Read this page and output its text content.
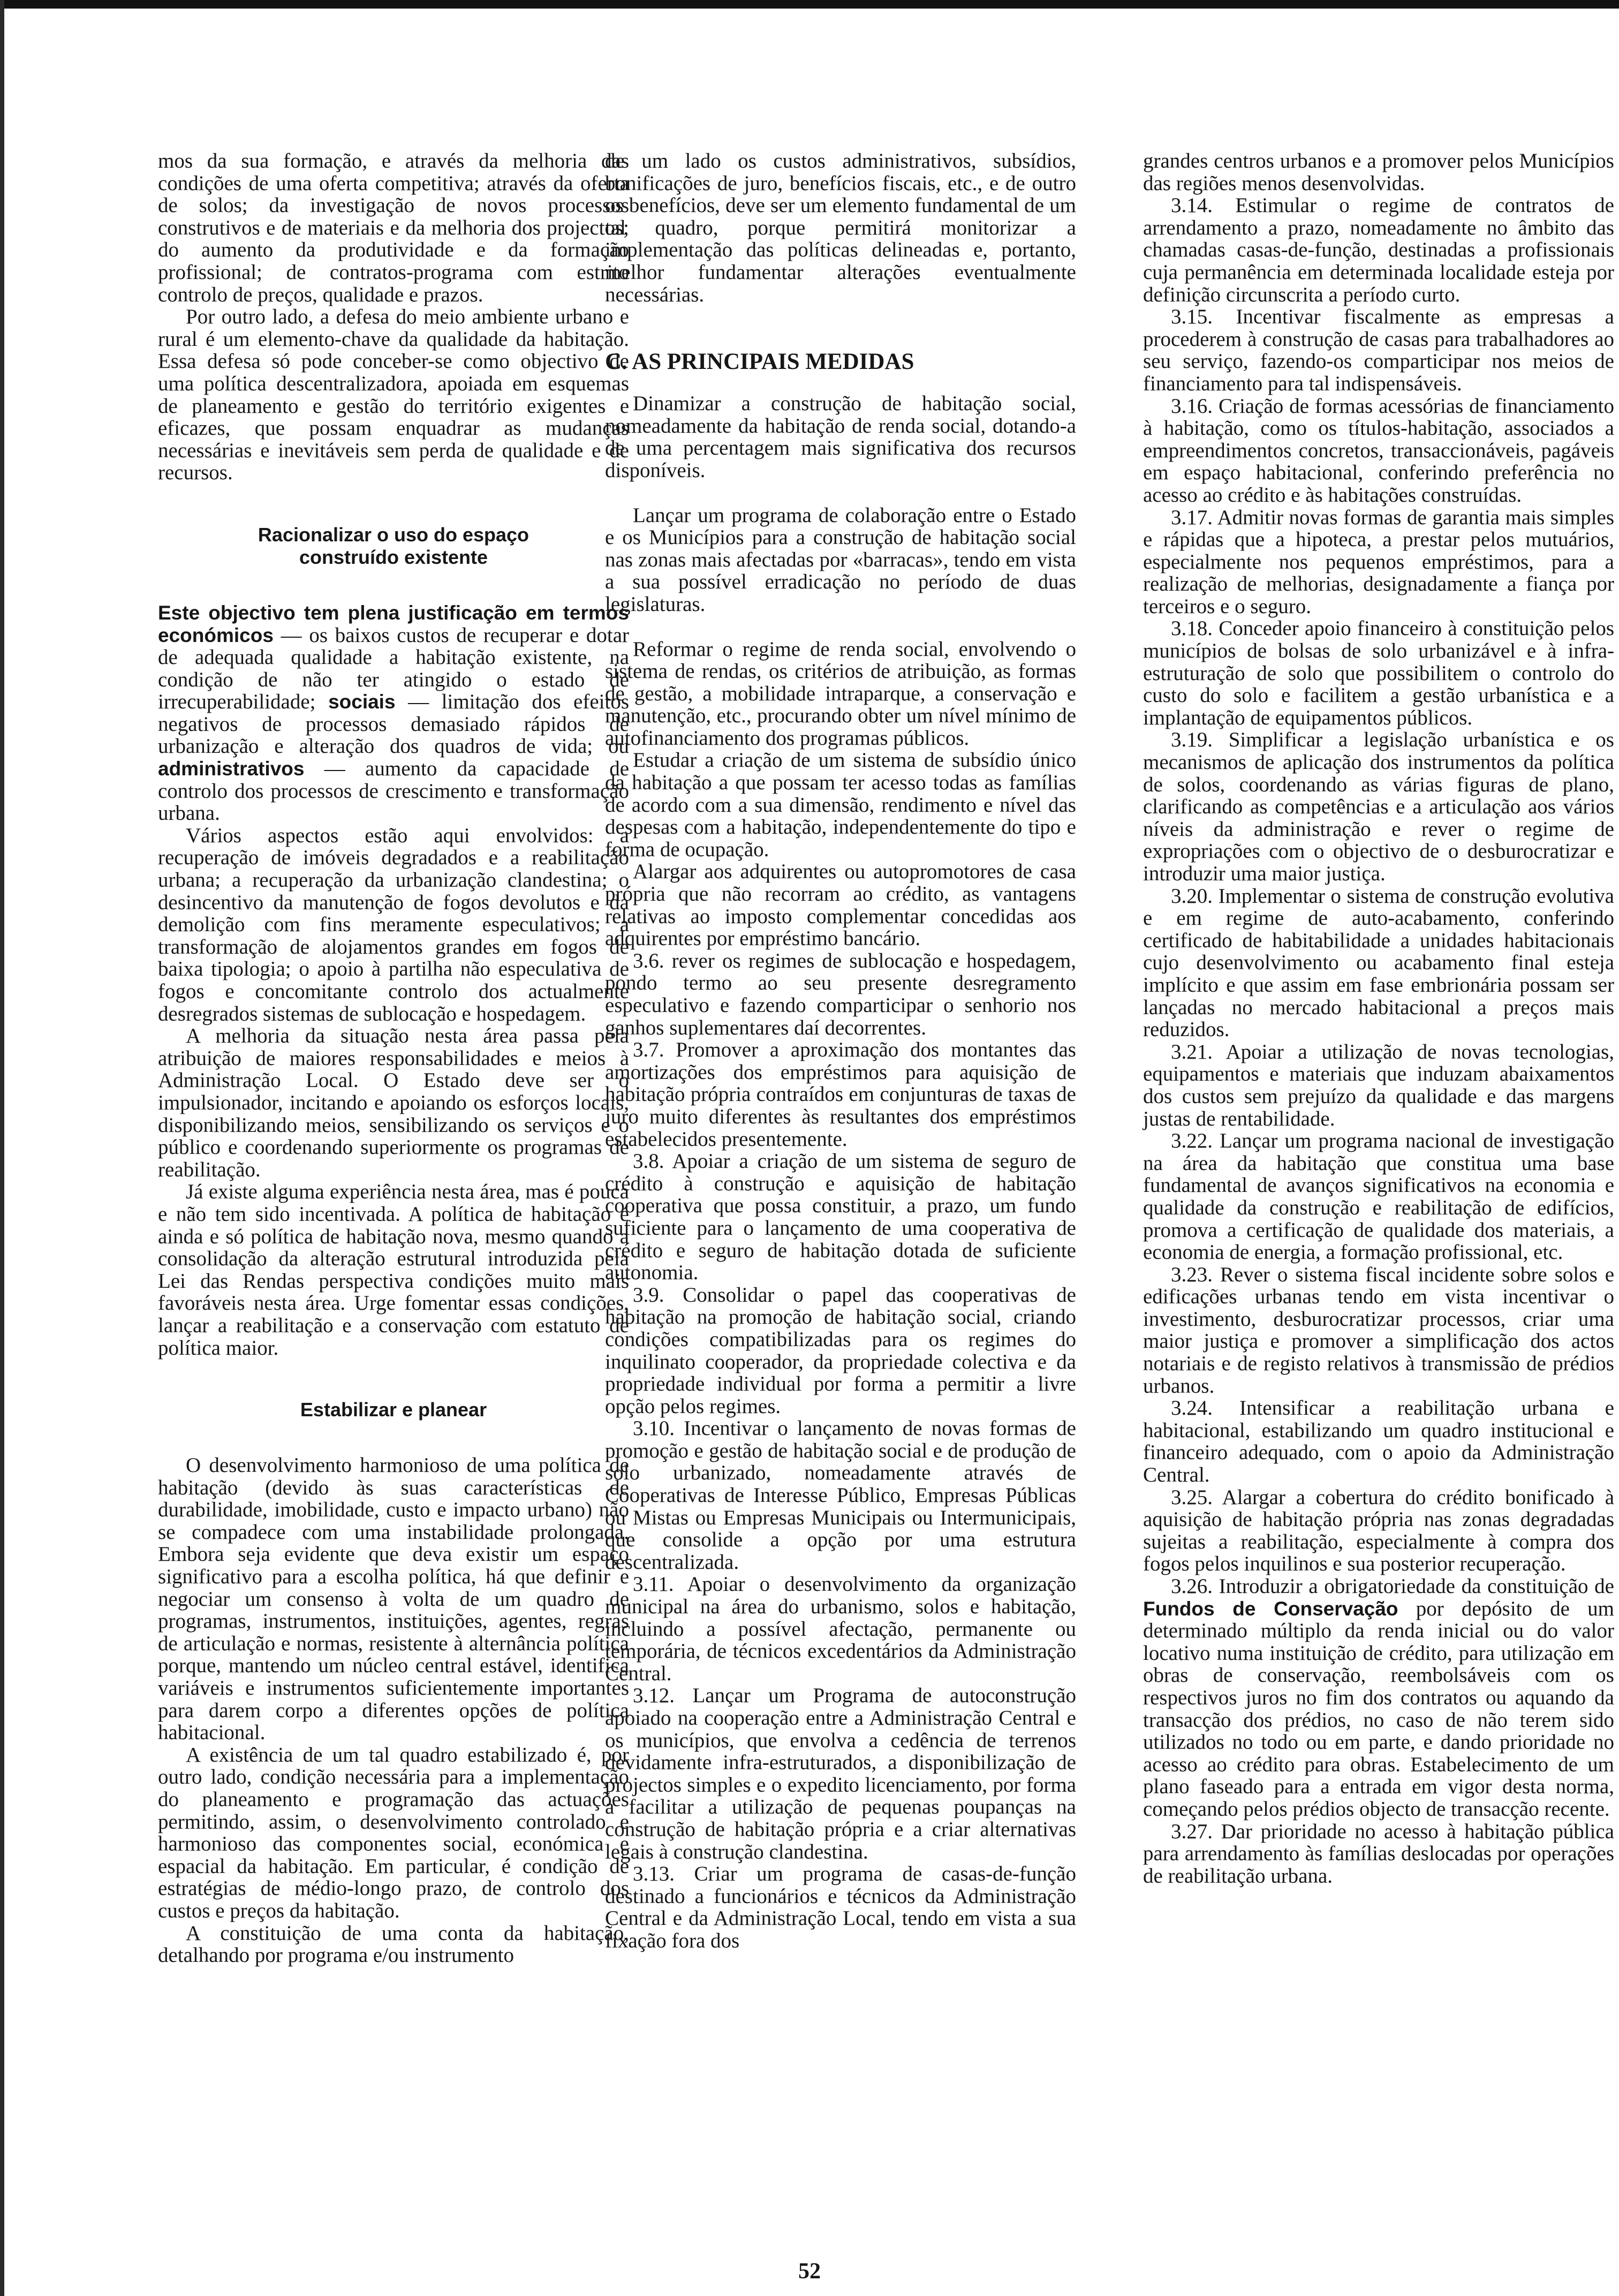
mos da sua formação, e através da melhoria das condições de uma oferta competitiva; através da oferta de solos; da investigação de novos processos construtivos e de materiais e da melhoria dos projectos; do aumento da produtividade e da formação profissional; de contratos-programa com estrito controlo de preços, qualidade e prazos.

Por outro lado, a defesa do meio ambiente urbano e rural é um elemento-chave da qualidade da habitação. Essa defesa só pode conceber-se como objectivo de uma política descentralizadora, apoiada em esquemas de planeamento e gestão do território exigentes e eficazes, que possam enquadrar as mudanças necessárias e inevitáveis sem perda de qualidade e de recursos.

Racionalizar o uso do espaço
construído existente

Este objectivo tem plena justificação em termos económicos — os baixos custos de recuperar e dotar de adequada qualidade a habitação existente, na condição de não ter atingido o estado de irrecuperabilidade; sociais — limitação dos efeitos negativos de processos demasiado rápidos de urbanização e alteração dos quadros de vida; ou administrativos — aumento da capacidade de controlo dos processos de crescimento e transformação urbana.

Vários aspectos estão aqui envolvidos: a recuperação de imóveis degradados e a reabilitação urbana; a recuperação da urbanização clandestina; o desincentivo da manutenção de fogos devolutos e da demolição com fins meramente especulativos; a transformação de alojamentos grandes em fogos de baixa tipologia; o apoio à partilha não especulativa de fogos e concomitante controlo dos actualmente desregrados sistemas de sublocação e hospedagem.

A melhoria da situação nesta área passa pela atribuição de maiores responsabilidades e meios à Administração Local. O Estado deve ser o impulsionador, incitando e apoiando os esforços locais, disponibilizando meios, sensibilizando os serviços e o público e coordenando superiormente os programas de reabilitação.

Já existe alguma experiência nesta área, mas é pouca e não tem sido incentivada. A política de habitação é ainda e só política de habitação nova, mesmo quando a consolidação da alteração estrutural introduzida pela Lei das Rendas perspectiva condições muito mais favoráveis nesta área. Urge fomentar essas condições, lançar a reabilitação e a conservação com estatuto de política maior.

Estabilizar e planear

O desenvolvimento harmonioso de uma política de habitação (devido às suas características de durabilidade, imobilidade, custo e impacto urbano) não se compadece com uma instabilidade prolongada. Embora seja evidente que deva existir um espaço significativo para a escolha política, há que definir e negociar um consenso à volta de um quadro de programas, instrumentos, instituições, agentes, regras de articulação e normas, resistente à alternância política porque, mantendo um núcleo central estável, identifica variáveis e instrumentos suficientemente importantes para darem corpo a diferentes opções de política habitacional.

A existência de um tal quadro estabilizado é, por outro lado, condição necessária para a implementação do planeamento e programação das actuações permitindo, assim, o desenvolvimento controlado e harmonioso das componentes social, económica e espacial da habitação. Em particular, é condição de estratégias de médio-longo prazo, de controlo dos custos e preços da habitação.

A constituição de uma conta da habitação, detalhando por programa e/ou instrumento

de um lado os custos administrativos, subsídios, bonificações de juro, benefícios fiscais, etc., e de outro os benefícios, deve ser um elemento fundamental de um tal quadro, porque permitirá monitorizar a implementação das políticas delineadas e, portanto, melhor fundamentar alterações eventualmente necessárias.

C. AS PRINCIPAIS MEDIDAS

Dinamizar a construção de habitação social, nomeadamente da habitação de renda social, dotando-a de uma percentagem mais significativa dos recursos disponíveis.

Lançar um programa de colaboração entre o Estado e os Municípios para a construção de habitação social nas zonas mais afectadas por «barracas», tendo em vista a sua possível erradicação no período de duas legislaturas.

Reformar o regime de renda social, envolvendo o sistema de rendas, os critérios de atribuição, as formas de gestão, a mobilidade intraparque, a conservação e manutenção, etc., procurando obter um nível mínimo de autofinanciamento dos programas públicos.

Estudar a criação de um sistema de subsídio único da habitação a que possam ter acesso todas as famílias de acordo com a sua dimensão, rendimento e nível das despesas com a habitação, independentemente do tipo e forma de ocupação.

Alargar aos adquirentes ou autopromotores de casa própria que não recorram ao crédito, as vantagens relativas ao imposto complementar concedidas aos adquirentes por empréstimo bancário.

3.6. rever os regimes de sublocação e hospedagem, pondo termo ao seu presente desregramento especulativo e fazendo comparticipar o senhorio nos ganhos suplementares daí decorrentes.

3.7. Promover a aproximação dos montantes das amortizações dos empréstimos para aquisição de habitação própria contraídos em conjunturas de taxas de juro muito diferentes às resultantes dos empréstimos estabelecidos presentemente.

3.8. Apoiar a criação de um sistema de seguro de crédito à construção e aquisição de habitação cooperativa que possa constituir, a prazo, um fundo suficiente para o lançamento de uma cooperativa de crédito e seguro de habitação dotada de suficiente autonomia.

3.9. Consolidar o papel das cooperativas de habitação na promoção de habitação social, criando condições compatibilizadas para os regimes do inquilinato cooperador, da propriedade colectiva e da propriedade individual por forma a permitir a livre opção pelos regimes.

3.10. Incentivar o lançamento de novas formas de promoção e gestão de habitação social e de produção de solo urbanizado, nomeadamente através de Cooperativas de Interesse Público, Empresas Públicas ou Mistas ou Empresas Municipais ou Intermunicipais, que consolide a opção por uma estrutura descentralizada.

3.11. Apoiar o desenvolvimento da organização municipal na área do urbanismo, solos e habitação, incluindo a possível afectação, permanente ou temporária, de técnicos excedentários da Administração Central.

3.12. Lançar um Programa de autoconstrução apoiado na cooperação entre a Administração Central e os municípios, que envolva a cedência de terrenos devidamente infra-estruturados, a disponibilização de projectos simples e o expedito licenciamento, por forma a facilitar a utilização de pequenas poupanças na construção de habitação própria e a criar alternativas legais à construção clandestina.

3.13. Criar um programa de casas-de-função destinado a funcionários e técnicos da Administração Central e da Administração Local, tendo em vista a sua fixação fora dos

grandes centros urbanos e a promover pelos Municípios das regiões menos desenvolvidas.

3.14. Estimular o regime de contratos de arrendamento a prazo, nomeadamente no âmbito das chamadas casas-de-função, destinadas a profissionais cuja permanência em determinada localidade esteja por definição circunscrita a período curto.

3.15. Incentivar fiscalmente as empresas a procederem à construção de casas para trabalhadores ao seu serviço, fazendo-os comparticipar nos meios de financiamento para tal indispensáveis.

3.16. Criação de formas acessórias de financiamento à habitação, como os títulos-habitação, associados a empreendimentos concretos, transaccionáveis, pagáveis em espaço habitacional, conferindo preferência no acesso ao crédito e às habitações construídas.

3.17. Admitir novas formas de garantia mais simples e rápidas que a hipoteca, a prestar pelos mutuários, especialmente nos pequenos empréstimos, para a realização de melhorias, designadamente a fiança por terceiros e o seguro.

3.18. Conceder apoio financeiro à constituição pelos municípios de bolsas de solo urbanizável e à infra-estruturação de solo que possibilitem o controlo do custo do solo e facilitem a gestão urbanística e a implantação de equipamentos públicos.

3.19. Simplificar a legislação urbanística e os mecanismos de aplicação dos instrumentos da política de solos, coordenando as várias figuras de plano, clarificando as competências e a articulação aos vários níveis da administração e rever o regime de expropriações com o objectivo de o desburocratizar e introduzir uma maior justiça.

3.20. Implementar o sistema de construção evolutiva e em regime de auto-acabamento, conferindo certificado de habitabilidade a unidades habitacionais cujo desenvolvimento ou acabamento final esteja implícito e que assim em fase embrionária possam ser lançadas no mercado habitacional a preços mais reduzidos.

3.21. Apoiar a utilização de novas tecnologias, equipamentos e materiais que induzam abaixamentos dos custos sem prejuízo da qualidade e das margens justas de rentabilidade.

3.22. Lançar um programa nacional de investigação na área da habitação que constitua uma base fundamental de avanços significativos na economia e qualidade da construção e reabilitação de edifícios, promova a certificação de qualidade dos materiais, a economia de energia, a formação profissional, etc.

3.23. Rever o sistema fiscal incidente sobre solos e edificações urbanas tendo em vista incentivar o investimento, desburocratizar processos, criar uma maior justiça e promover a simplificação dos actos notariais e de registo relativos à transmissão de prédios urbanos.

3.24. Intensificar a reabilitação urbana e habitacional, estabilizando um quadro institucional e financeiro adequado, com o apoio da Administração Central.

3.25. Alargar a cobertura do crédito bonificado à aquisição de habitação própria nas zonas degradadas sujeitas a reabilitação, especialmente à compra dos fogos pelos inquilinos e sua posterior recuperação.

3.26. Introduzir a obrigatoriedade da constituição de Fundos de Conservação por depósito de um determinado múltiplo da renda inicial ou do valor locativo numa instituição de crédito, para utilização em obras de conservação, reembolsáveis com os respectivos juros no fim dos contratos ou aquando da transacção dos prédios, no caso de não terem sido utilizados no todo ou em parte, e dando prioridade no acesso ao crédito para obras. Estabelecimento de um plano faseado para a entrada em vigor desta norma, começando pelos prédios objecto de transacção recente.

3.27. Dar prioridade no acesso à habitação pública para arrendamento às famílias deslocadas por operações de reabilitação urbana.

52
